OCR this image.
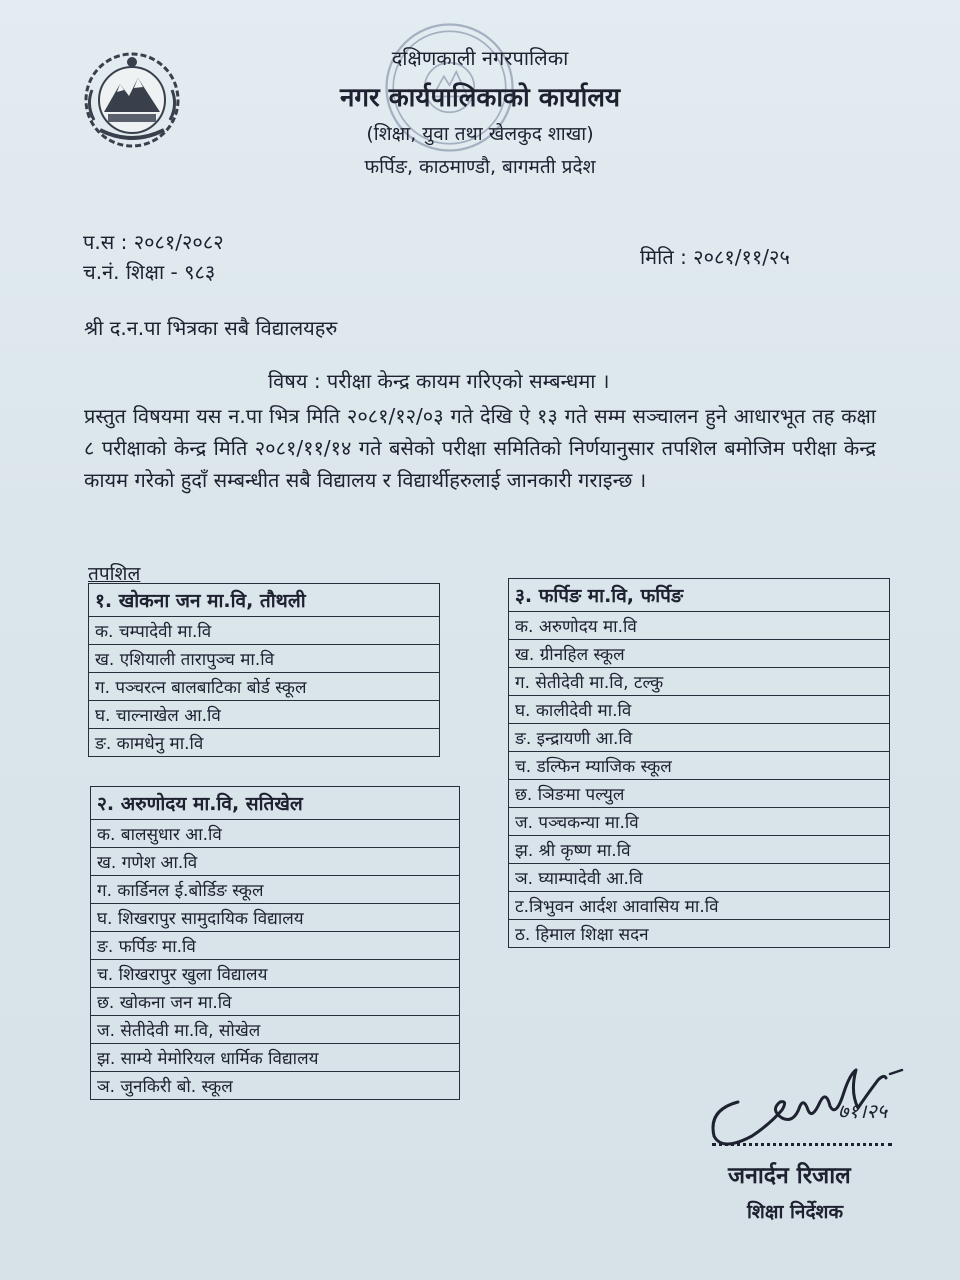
दक्षिणकाली नगरपालिका
नगर कार्यपालिकाको कार्यालय
(शिक्षा, युवा तथा खेलकुद शाखा)
फर्पिङ, काठमाण्डौ, बागमती प्रदेश
प.स : २०८१/२०८२
च.नं. शिक्षा - ९८३
मिति : २०८१/११/२५
श्री द.न.पा भित्रका सबै विद्यालयहरु
विषय : परीक्षा केन्द्र कायम गरिएको सम्बन्धमा ।
प्रस्तुत विषयमा यस न.पा भित्र मिति २०८१/१२/०३ गते देखि ऐ १३ गते सम्म सञ्चालन हुने आधारभूत तह कक्षा ८ परीक्षाको केन्द्र मिति २०८१/११/१४ गते बसेको परीक्षा समितिको निर्णयानुसार तपशिल बमोजिम परीक्षा केन्द्र कायम गरेको हुदाँ सम्बन्धीत सबै विद्यालय र विद्यार्थीहरुलाई जानकारी गराइन्छ ।
तपशिल
१. खोकना जन मा.वि, तौथली
क. चम्पादेवी मा.वि
ख. एशियाली तारापुञ्च मा.वि
ग. पञ्चरत्न बालबाटिका बोर्ड स्कूल
घ. चाल्नाखेल आ.वि
ङ. कामधेनु मा.वि
२. अरुणोदय मा.वि, सतिखेल
क. बालसुधार आ.वि
ख. गणेश आ.वि
ग. कार्डिनल ई.बोर्डिङ स्कूल
घ. शिखरापुर सामुदायिक विद्यालय
ङ. फर्पिङ मा.वि
च. शिखरापुर खुला विद्यालय
छ. खोकना जन मा.वि
ज. सेतीदेवी मा.वि, सोखेल
झ. साम्ये मेमोरियल धार्मिक विद्यालय
ञ. जुनकिरी बो. स्कूल
३. फर्पिङ मा.वि, फर्पिङ
क. अरुणोदय मा.वि
ख. ग्रीनहिल स्कूल
ग. सेतीदेवी मा.वि, टल्कु
घ. कालीदेवी मा.वि
ङ. इन्द्रायणी आ.वि
च. डल्फिन म्याजिक स्कूल
छ. ञिङमा पल्युल
ज. पञ्चकन्या मा.वि
झ. श्री कृष्ण मा.वि
ञ. घ्याम्पादेवी आ.वि
ट.त्रिभुवन आर्दश आवासिय मा.वि
ठ. हिमाल शिक्षा सदन
७१।२५
जनार्दन रिजाल
शिक्षा निर्देशक
